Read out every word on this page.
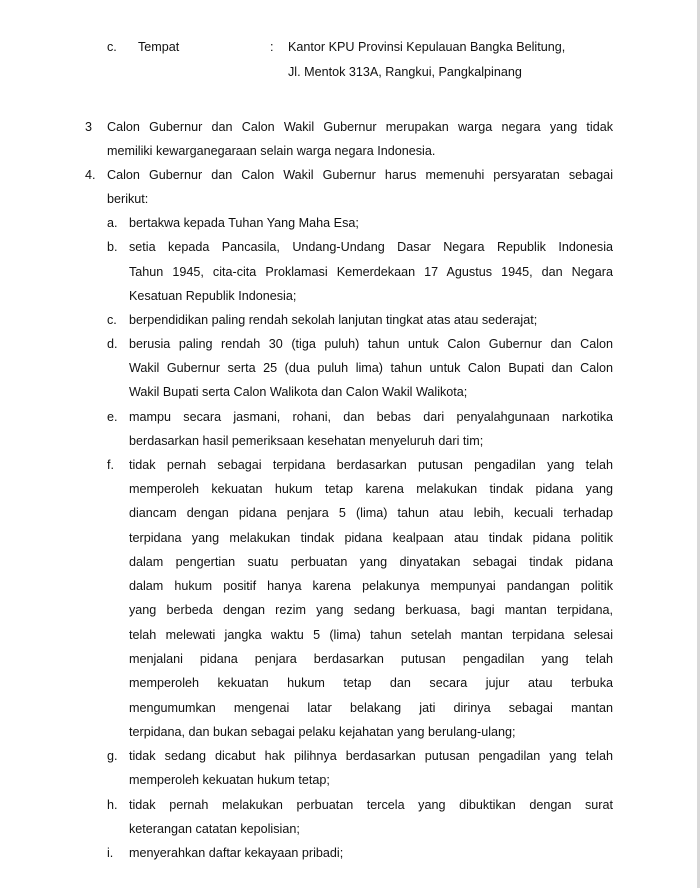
c. Tempat	: Kantor KPU Provinsi Kepulauan Bangka Belitung,
Jl. Mentok 313A, Rangkui, Pangkalpinang
3 Calon Gubernur dan Calon Wakil Gubernur merupakan warga negara yang tidak
memiliki kewarganegaraan selain warga negara Indonesia.
4. Calon Gubernur dan Calon Wakil Gubernur harus memenuhi persyaratan sebagai
berikut:
a. bertakwa kepada Tuhan Yang Maha Esa;
b. setia kepada Pancasila, Undang-Undang Dasar Negara Republik Indonesia
Tahun 1945, cita-cita Proklamasi Kemerdekaan 17 Agustus 1945, dan Negara
Kesatuan Republik Indonesia;
c. berpendidikan paling rendah sekolah lanjutan tingkat atas atau sederajat;
d. berusia paling rendah 30 (tiga puluh) tahun untuk Calon Gubernur dan Calon
Wakil Gubernur serta 25 (dua puluh lima) tahun untuk Calon Bupati dan Calon
Wakil Bupati serta Calon Walikota dan Calon Wakil Walikota;
e. mampu secara jasmani, rohani, dan bebas dari penyalahgunaan narkotika
berdasarkan hasil pemeriksaan kesehatan menyeluruh dari tim;
f. tidak pernah sebagai terpidana berdasarkan putusan pengadilan yang telah
memperoleh kekuatan hukum tetap karena melakukan tindak pidana yang
diancam dengan pidana penjara 5 (lima) tahun atau lebih, kecuali terhadap
terpidana yang melakukan tindak pidana kealpaan atau tindak pidana politik
dalam pengertian suatu perbuatan yang dinyatakan sebagai tindak pidana
dalam hukum positif hanya karena pelakunya mempunyai pandangan politik
yang berbeda dengan rezim yang sedang berkuasa, bagi mantan terpidana,
telah melewati jangka waktu 5 (lima) tahun setelah mantan terpidana selesai
menjalani pidana penjara berdasarkan putusan pengadilan yang telah
memperoleh kekuatan hukum tetap dan secara jujur atau terbuka
mengumumkan mengenai latar belakang jati dirinya sebagai mantan
terpidana, dan bukan sebagai pelaku kejahatan yang berulang-ulang;
g. tidak sedang dicabut hak pilihnya berdasarkan putusan pengadilan yang telah
memperoleh kekuatan hukum tetap;
h. tidak pernah melakukan perbuatan tercela yang dibuktikan dengan surat
keterangan catatan kepolisian;
i. menyerahkan daftar kekayaan pribadi;
